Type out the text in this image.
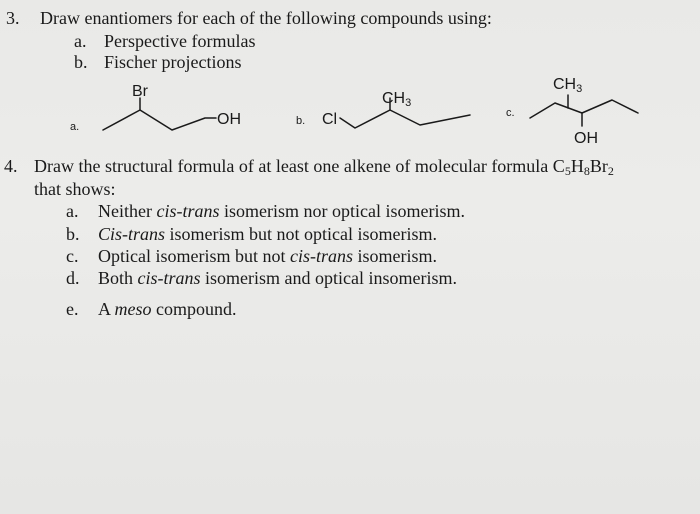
3. Draw enantiomers for each of the following compounds using:
a. Perspective formulas
b. Fischer projections
a.
Br
OH	b. Cl
CH3
c.
CH3
OH
4. Draw the structural formula of at least one alkene of molecular formula $C_5H_8Br_2$
that shows:
a. Neither cis-trans isomerism nor optical isomerism.
b. Cis-trans isomerism but not optical isomerism.
c. Optical isomerism but not cis-trans isomerism.
d. Both cis-trans isomerism and optical insomerism.
e. A meso compound.
